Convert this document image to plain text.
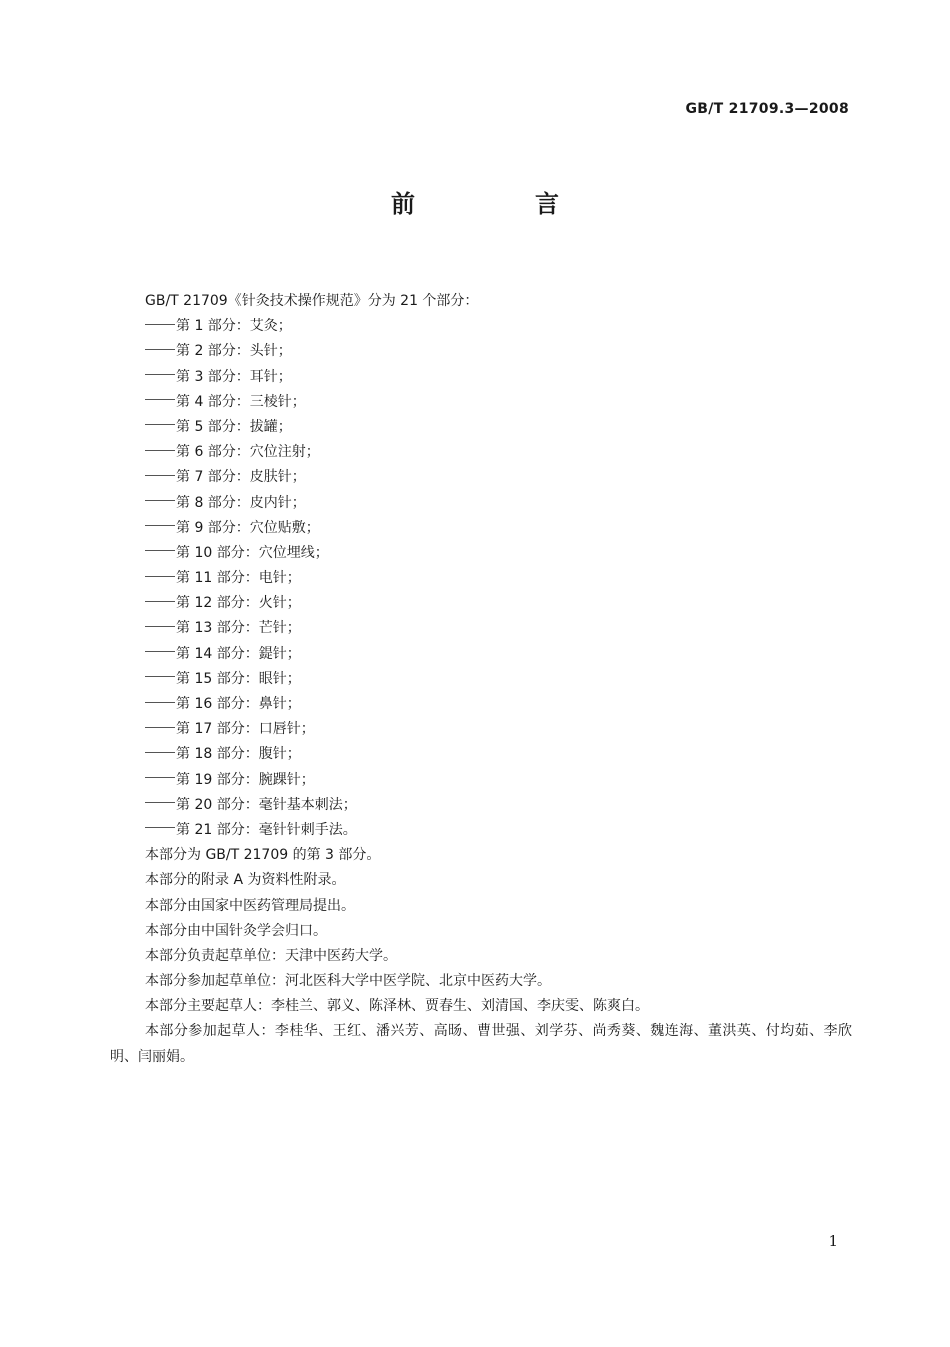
GB/T 21709.3—2008
前　言
GB/T 21709《针灸技术操作规范》分为 21 个部分：
第 1 部分：艾灸；
第 2 部分：头针；
第 3 部分：耳针；
第 4 部分：三棱针；
第 5 部分：拔罐；
第 6 部分：穴位注射；
第 7 部分：皮肤针；
第 8 部分：皮内针；
第 9 部分：穴位贴敷；
第 10 部分：穴位埋线；
第 11 部分：电针；
第 12 部分：火针；
第 13 部分：芒针；
第 14 部分：鍉针；
第 15 部分：眼针；
第 16 部分：鼻针；
第 17 部分：口唇针；
第 18 部分：腹针；
第 19 部分：腕踝针；
第 20 部分：毫针基本刺法；
第 21 部分：毫针针刺手法。
本部分为 GB/T 21709 的第 3 部分。
本部分的附录 A 为资料性附录。
本部分由国家中医药管理局提出。
本部分由中国针灸学会归口。
本部分负责起草单位：天津中医药大学。
本部分参加起草单位：河北医科大学中医学院、北京中医药大学。
本部分主要起草人：李桂兰、郭义、陈泽林、贾春生、刘清国、李庆雯、陈爽白。
本部分参加起草人：李桂华、王红、潘兴芳、高旸、曹世强、刘学芬、尚秀葵、魏连海、董洪英、付均茹、李欣明、闫丽娟。
1
